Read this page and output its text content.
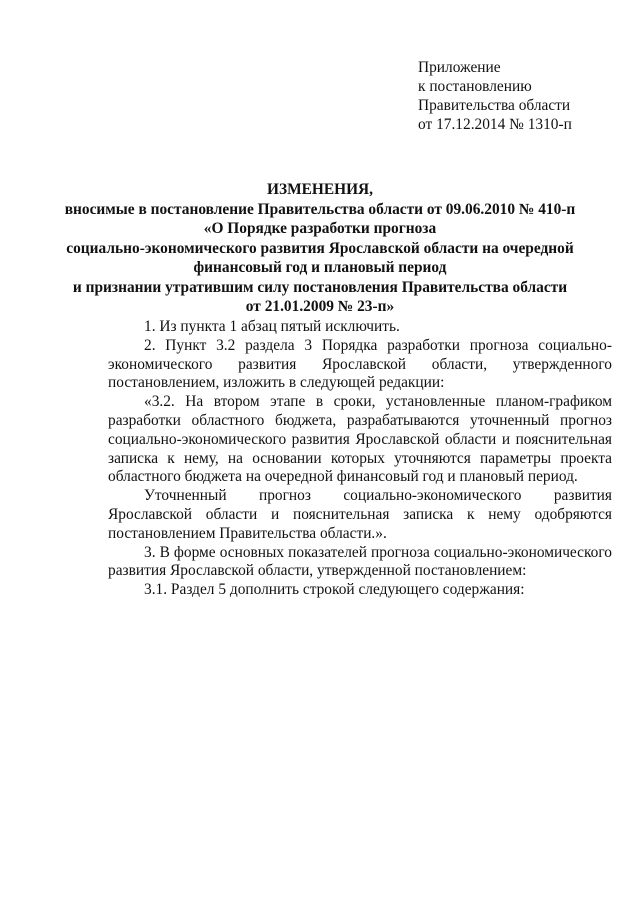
Приложение
к постановлению
Правительства области
от 17.12.2014 № 1310-п
ИЗМЕНЕНИЯ,
вносимые в постановление Правительства области от 09.06.2010 № 410-п
«О Порядке разработки прогноза
социально-экономического развития Ярославской области на очередной
финансовый год и плановый период
и признании утратившим силу постановления Правительства области
от 21.01.2009 № 23-п»

1. Из пункта 1 абзац пятый исключить.

2. Пункт 3.2 раздела 3 Порядка разработки прогноза социально-экономического развития Ярославской области, утвержденного постановлением, изложить в следующей редакции:

«3.2. На втором этапе в сроки, установленные планом-графиком разработки областного бюджета, разрабатываются уточненный прогноз социально-экономического развития Ярославской области и пояснительная записка к нему, на основании которых уточняются параметры проекта областного бюджета на очередной финансовый год и плановый период.

Уточненный прогноз социально-экономического развития Ярославской области и пояснительная записка к нему одобряются постановлением Правительства области.».

3. В форме основных показателей прогноза социально-экономического развития Ярославской области, утвержденной постановлением:

3.1. Раздел 5 дополнить строкой следующего содержания:
